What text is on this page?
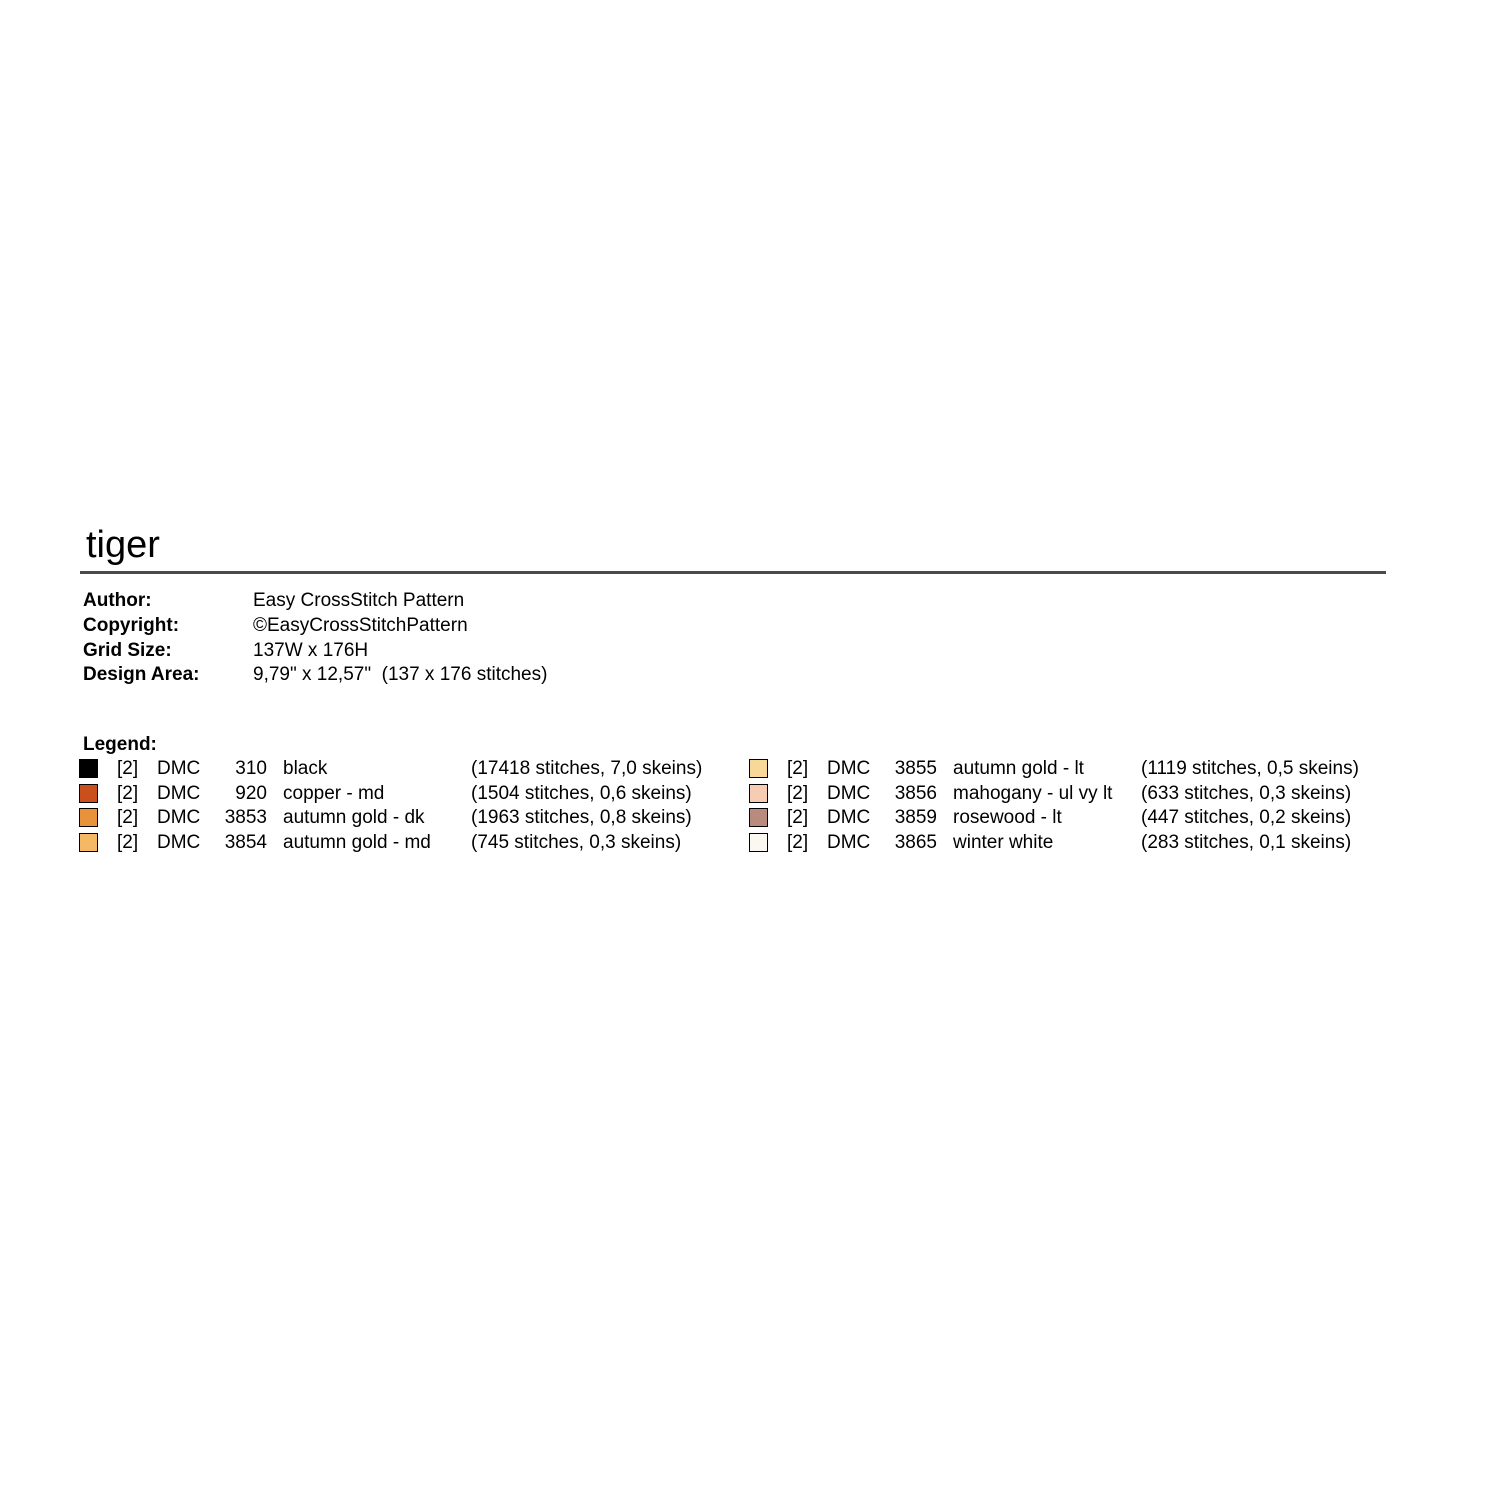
tiger
Author:	Easy CrossStitch Pattern
Copyright:	©EasyCrossStitchPattern
Grid Size:	137W x 176H
Design Area:	9,79" x 12,57"  (137 x 176 stitches)
Legend:
[2] DMC	310 black	(17418 stitches, 7,0 skeins)
[2] DMC	920 copper - md	(1504 stitches, 0,6 skeins)
[2] DMC	3853 autumn gold - dk (1963 stitches, 0,8 skeins)
[2] DMC	3854 autumn gold - md (745 stitches, 0,3 skeins)
[2] DMC	3855 autumn gold - lt	(1119 stitches, 0,5 skeins)
[2] DMC	3856 mahogany - ul vy lt (633 stitches, 0,3 skeins)
[2] DMC	3859 rosewood - lt	(447 stitches, 0,2 skeins)
[2] DMC	3865 winter white	(283 stitches, 0,1 skeins)
